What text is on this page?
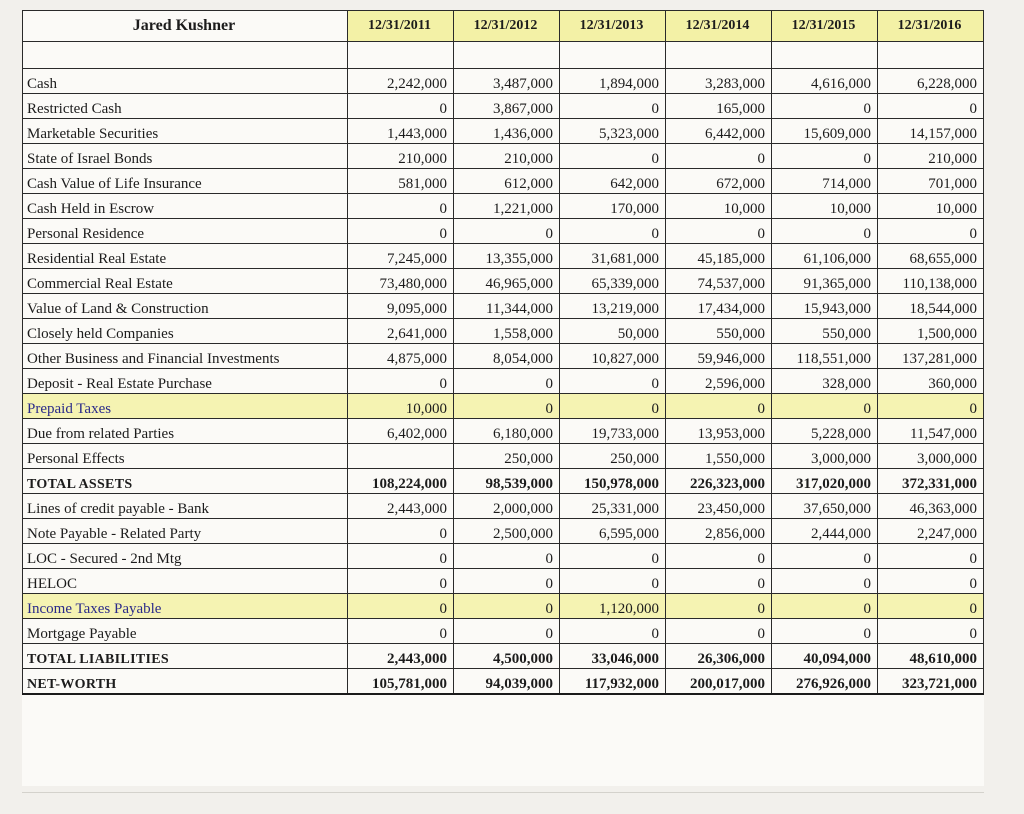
Jared Kushner	12/31/2011	12/31/2012	12/31/2013	12/31/2014	12/31/2015	12/31/2016

Cash	2,242,000	3,487,000	1,894,000	3,283,000	4,616,000	6,228,000
Restricted Cash	0	3,867,000	0	165,000	0	0
Marketable Securities	1,443,000	1,436,000	5,323,000	6,442,000	15,609,000	14,157,000
State of Israel Bonds	210,000	210,000	0	0	0	210,000
Cash Value of Life Insurance	581,000	612,000	642,000	672,000	714,000	701,000
Cash Held in Escrow	0	1,221,000	170,000	10,000	10,000	10,000
Personal Residence	0	0	0	0	0	0
Residential Real Estate	7,245,000	13,355,000	31,681,000	45,185,000	61,106,000	68,655,000
Commercial Real Estate	73,480,000	46,965,000	65,339,000	74,537,000	91,365,000	110,138,000
Value of Land & Construction	9,095,000	11,344,000	13,219,000	17,434,000	15,943,000	18,544,000
Closely held Companies	2,641,000	1,558,000	50,000	550,000	550,000	1,500,000
Other Business and Financial Investments	4,875,000	8,054,000	10,827,000	59,946,000	118,551,000	137,281,000
Deposit - Real Estate Purchase	0	0	0	2,596,000	328,000	360,000
Prepaid Taxes	10,000	0	0	0	0	0
Due from related Parties	6,402,000	6,180,000	19,733,000	13,953,000	5,228,000	11,547,000
Personal Effects		250,000	250,000	1,550,000	3,000,000	3,000,000
TOTAL ASSETS	108,224,000	98,539,000	150,978,000	226,323,000	317,020,000	372,331,000
Lines of credit payable - Bank	2,443,000	2,000,000	25,331,000	23,450,000	37,650,000	46,363,000
Note Payable - Related Party	0	2,500,000	6,595,000	2,856,000	2,444,000	2,247,000
LOC - Secured - 2nd Mtg	0	0	0	0	0	0
HELOC	0	0	0	0	0	0
Income Taxes Payable	0	0	1,120,000	0	0	0
Mortgage Payable	0	0	0	0	0	0
TOTAL LIABILITIES	2,443,000	4,500,000	33,046,000	26,306,000	40,094,000	48,610,000
NET-WORTH	105,781,000	94,039,000	117,932,000	200,017,000	276,926,000	323,721,000
